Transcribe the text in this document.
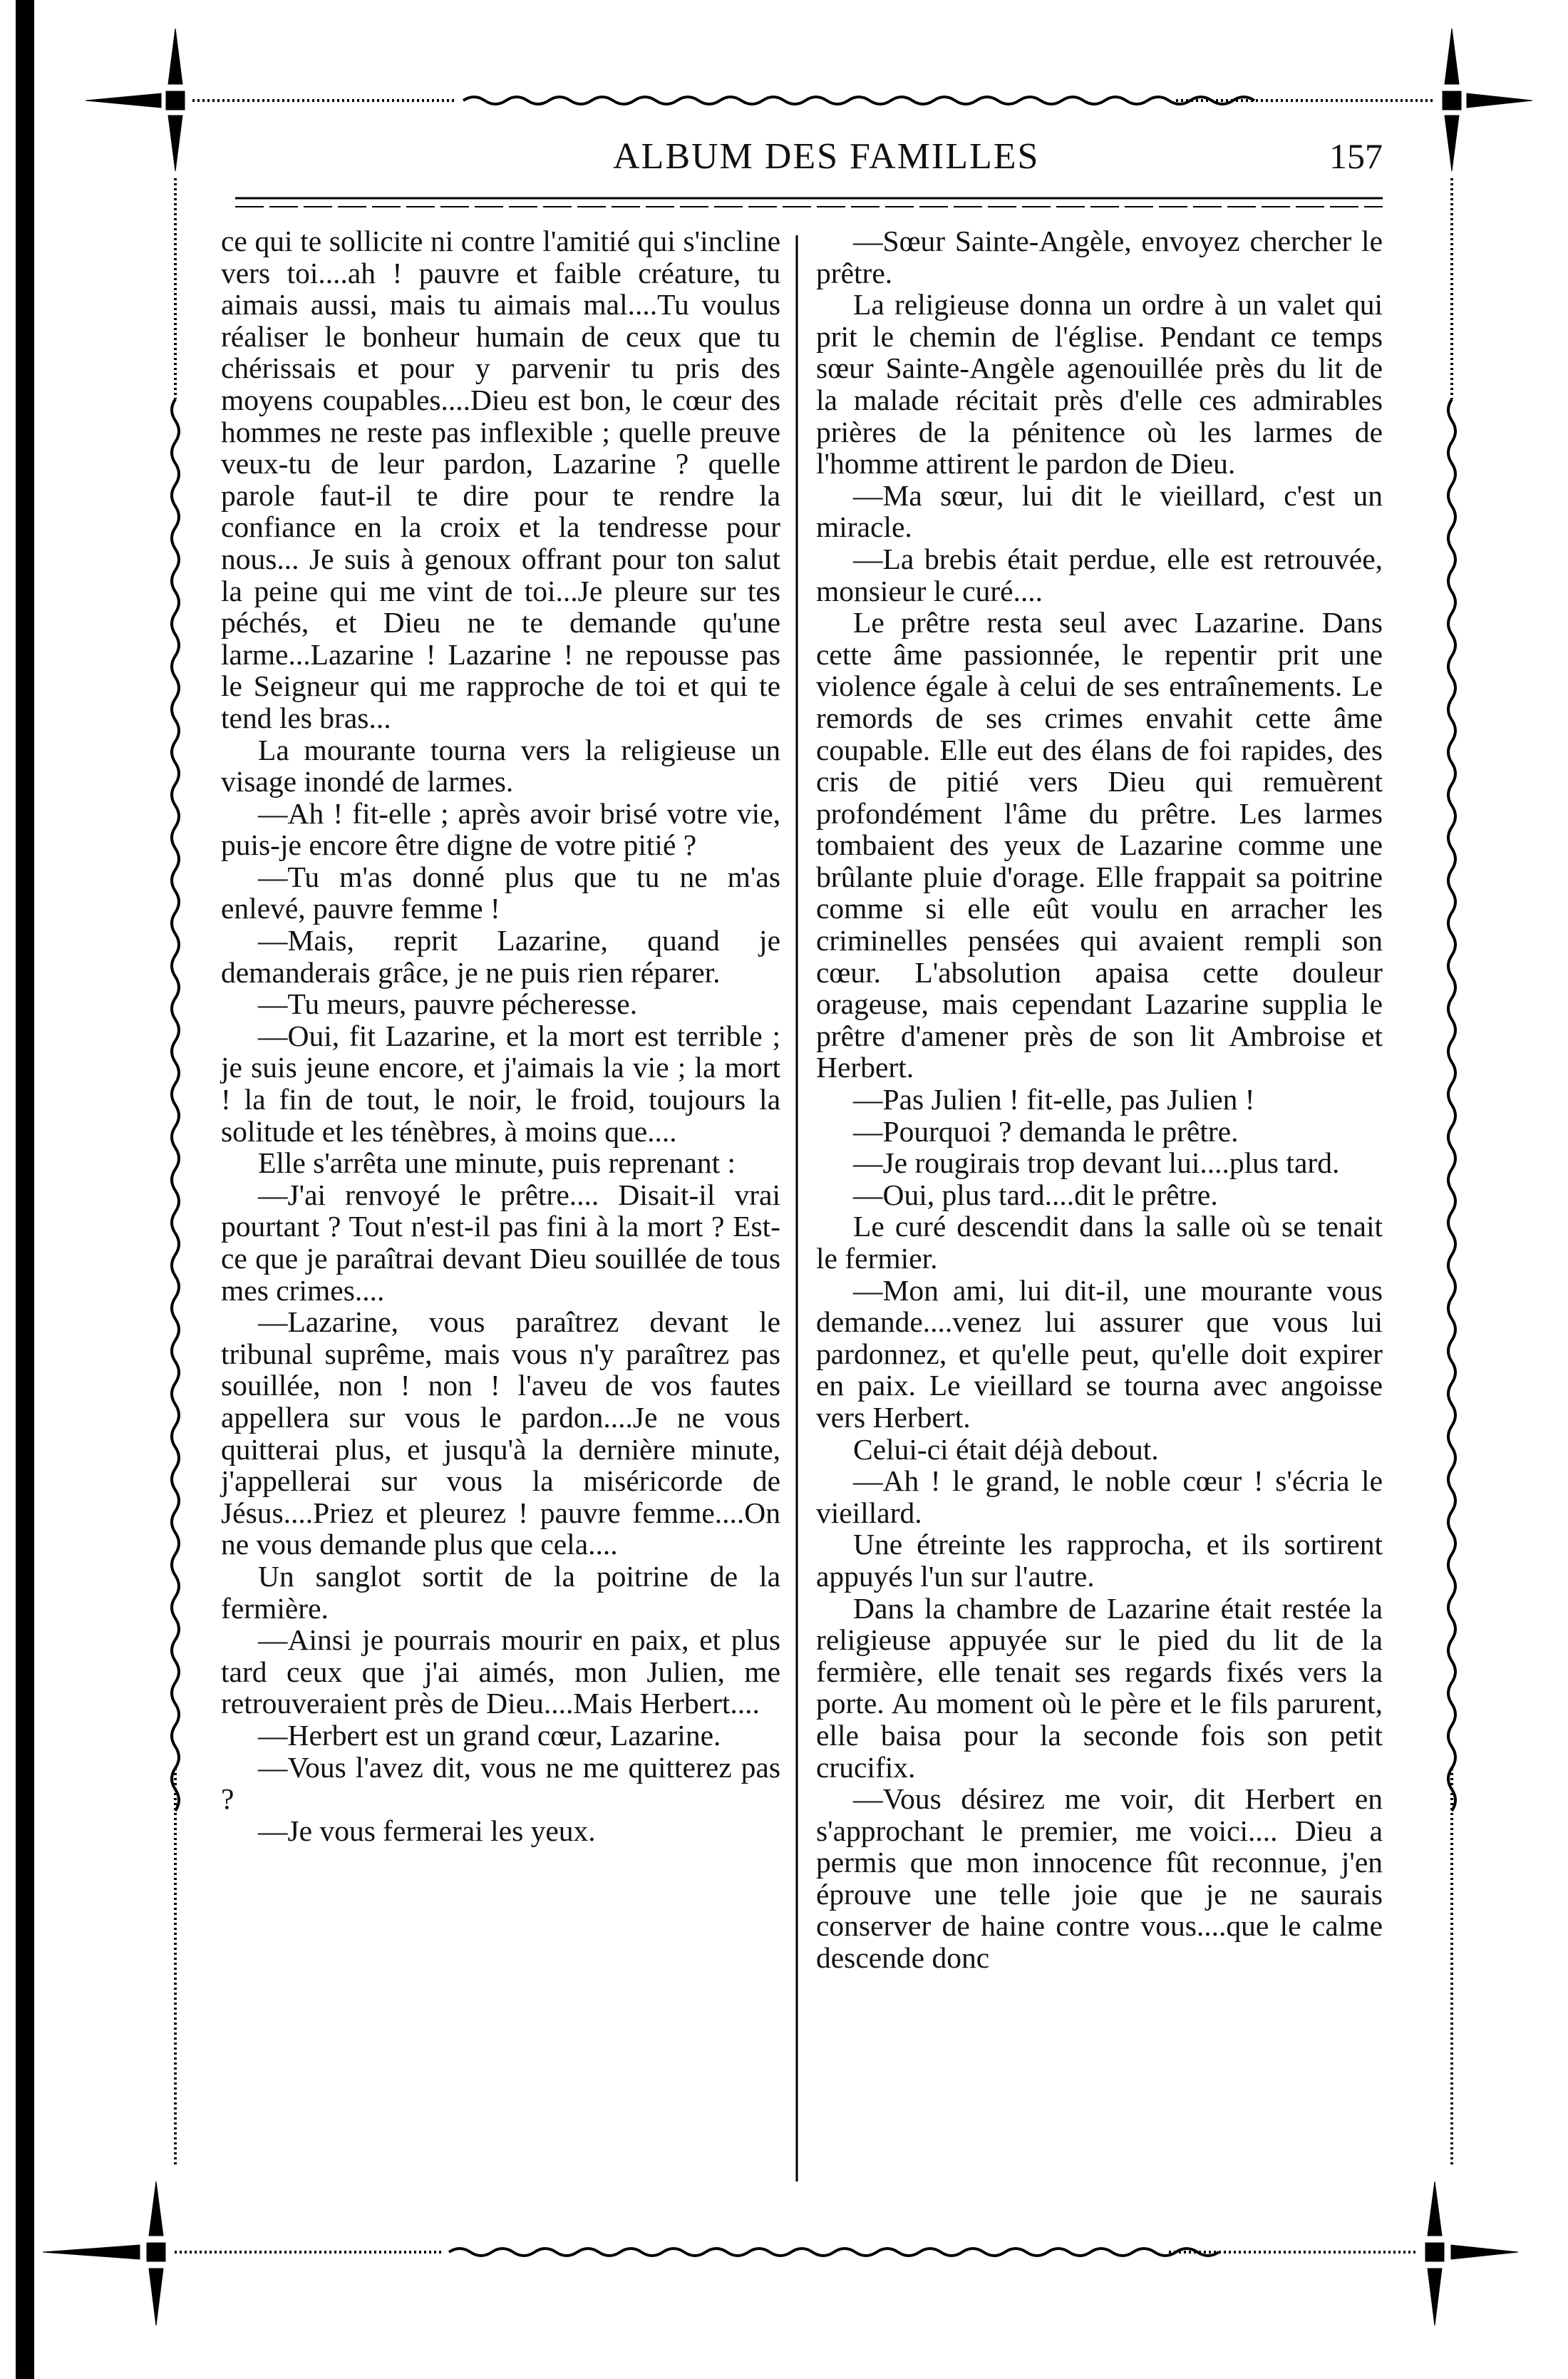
ALBUM DES FAMILLES	157

ce qui te sollicite ni contre l'amitié qui s'incline vers toi....ah ! pauvre et faible créature, tu aimais aussi, mais tu aimais mal....Tu voulus réaliser le bonheur humain de ceux que tu chérissais et pour y parvenir tu pris des moyens coupables....Dieu est bon, le cœur des hommes ne reste pas inflexible ; quelle preuve veux-tu de leur pardon, Lazarine ? quelle parole faut-il te dire pour te rendre la confiance en la croix et la tendresse pour nous... Je suis à genoux offrant pour ton salut la peine qui me vint de toi...Je pleure sur tes péchés, et Dieu ne te demande qu'une larme...Lazarine ! Lazarine ! ne repousse pas le Seigneur qui me rapproche de toi et qui te tend les bras...

La mourante tourna vers la religieuse un visage inondé de larmes.

—Ah ! fit-elle ; après avoir brisé votre vie, puis-je encore être digne de votre pitié ?

—Tu m'as donné plus que tu ne m'as enlevé, pauvre femme !

—Mais, reprit Lazarine, quand je demanderais grâce, je ne puis rien réparer.

—Tu meurs, pauvre pécheresse.

—Oui, fit Lazarine, et la mort est terrible ; je suis jeune encore, et j'aimais la vie ; la mort ! la fin de tout, le noir, le froid, toujours la solitude et les ténèbres, à moins que....

Elle s'arrêta une minute, puis reprenant :

—J'ai renvoyé le prêtre.... Disait-il vrai pourtant ? Tout n'est-il pas fini à la mort ? Est-ce que je paraîtrai devant Dieu souillée de tous mes crimes....

—Lazarine, vous paraîtrez devant le tribunal suprême, mais vous n'y paraîtrez pas souillée, non ! non ! l'aveu de vos fautes appellera sur vous le pardon....Je ne vous quitterai plus, et jusqu'à la dernière minute, j'appellerai sur vous la miséricorde de Jésus....Priez et pleurez ! pauvre femme....On ne vous demande plus que cela....

Un sanglot sortit de la poitrine de la fermière.

—Ainsi je pourrais mourir en paix, et plus tard ceux que j'ai aimés, mon Julien, me retrouveraient près de Dieu....Mais Herbert....

—Herbert est un grand cœur, Lazarine.

—Vous l'avez dit, vous ne me quitterez pas ?

—Je vous fermerai les yeux.

—Sœur Sainte-Angèle, envoyez chercher le prêtre.

La religieuse donna un ordre à un valet qui prit le chemin de l'église. Pendant ce temps sœur Sainte-Angèle agenouillée près du lit de la malade récitait près d'elle ces admirables prières de la pénitence où les larmes de l'homme attirent le pardon de Dieu.

—Ma sœur, lui dit le vieillard, c'est un miracle.

—La brebis était perdue, elle est retrouvée, monsieur le curé....

Le prêtre resta seul avec Lazarine. Dans cette âme passionnée, le repentir prit une violence égale à celui de ses entraînements. Le remords de ses crimes envahit cette âme coupable. Elle eut des élans de foi rapides, des cris de pitié vers Dieu qui remuèrent profondément l'âme du prêtre. Les larmes tombaient des yeux de Lazarine comme une brûlante pluie d'orage. Elle frappait sa poitrine comme si elle eût voulu en arracher les criminelles pensées qui avaient rempli son cœur. L'absolution apaisa cette douleur orageuse, mais cependant Lazarine supplia le prêtre d'amener près de son lit Ambroise et Herbert.

—Pas Julien ! fit-elle, pas Julien !

—Pourquoi ? demanda le prêtre.

—Je rougirais trop devant lui....plus tard.

—Oui, plus tard....dit le prêtre.

Le curé descendit dans la salle où se tenait le fermier.

—Mon ami, lui dit-il, une mourante vous demande....venez lui assurer que vous lui pardonnez, et qu'elle peut, qu'elle doit expirer en paix. Le vieillard se tourna avec angoisse vers Herbert.

Celui-ci était déjà debout.

—Ah ! le grand, le noble cœur ! s'écria le vieillard.

Une étreinte les rapprocha, et ils sortirent appuyés l'un sur l'autre.

Dans la chambre de Lazarine était restée la religieuse appuyée sur le pied du lit de la fermière, elle tenait ses regards fixés vers la porte. Au moment où le père et le fils parurent, elle baisa pour la seconde fois son petit crucifix.

—Vous désirez me voir, dit Herbert en s'approchant le premier, me voici.... Dieu a permis que mon innocence fût reconnue, j'en éprouve une telle joie que je ne saurais conserver de haine contre vous....que le calme descende donc
